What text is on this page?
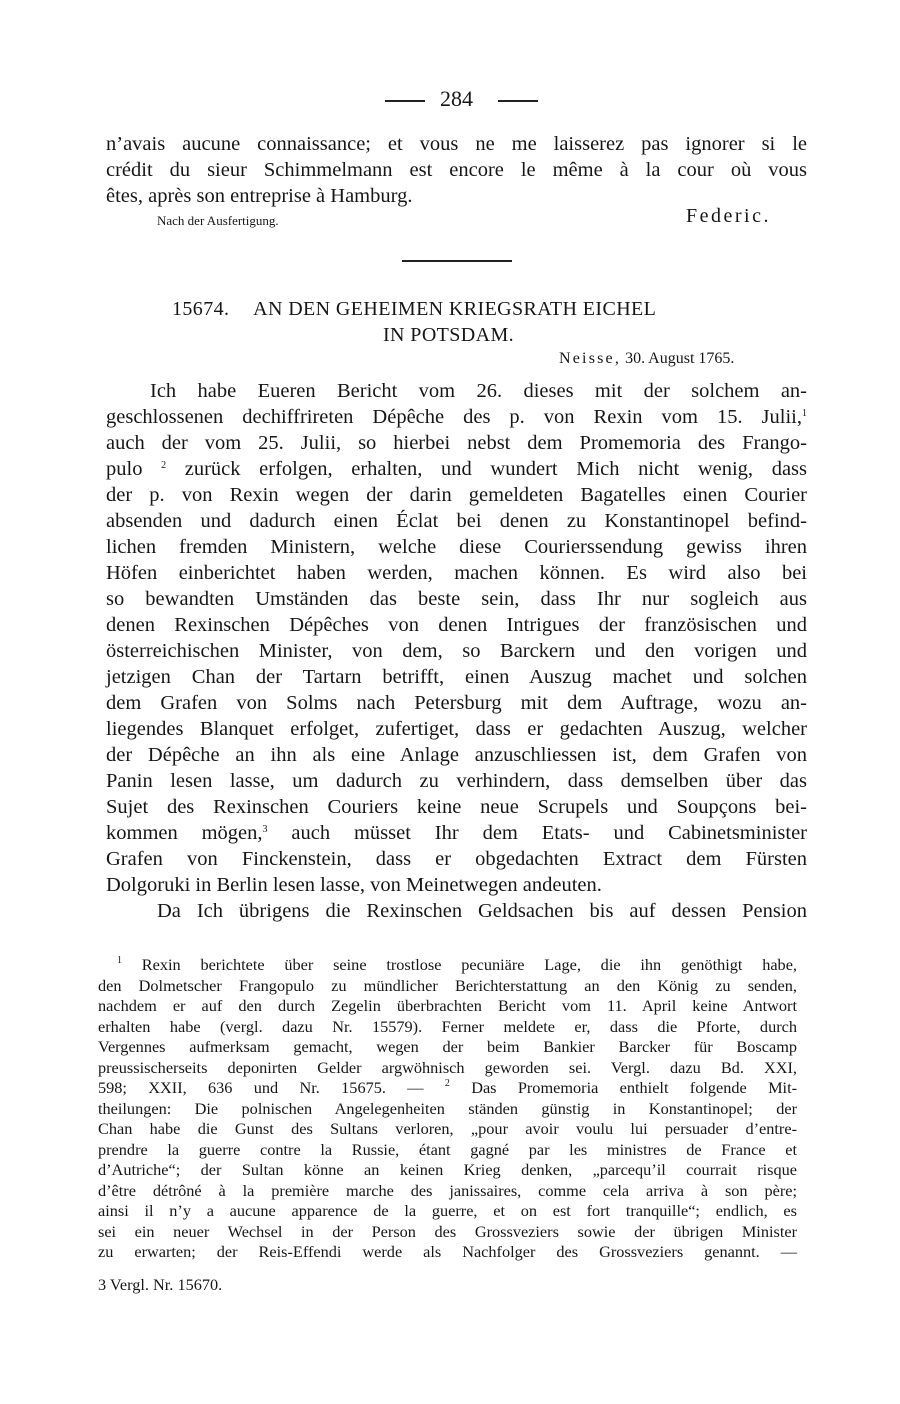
284
n’avais aucune connaissance; et vous ne me laisserez pas ignorer si le
crédit du sieur Schimmelmann est encore le même à la cour où vous
êtes, après son entreprise à Hamburg.
Nach der Ausfertigung.	Federic.
15674. AN DEN GEHEIMEN KRIEGSRATH EICHEL
IN POTSDAM.
Neisse, 30. August 1765.
Ich habe Eueren Bericht vom 26. dieses mit der solchem an-
geschlossenen dechiffrireten Dépêche des p. von Rexin vom 15. Julii,$^1$
auch der vom 25. Julii, so hierbei nebst dem Promemoria des Frango-
pulo $^2$ zurück erfolgen, erhalten, und wundert Mich nicht wenig, dass
der p. von Rexin wegen der darin gemeldeten Bagatelles einen Courier
absenden und dadurch einen Éclat bei denen zu Konstantinopel befind-
lichen fremden Ministern, welche diese Courierssendung gewiss ihren
Höfen einberichtet haben werden, machen können. Es wird also bei
so bewandten Umständen das beste sein, dass Ihr nur sogleich aus
denen Rexinschen Dépêches von denen Intrigues der französischen und
österreichischen Minister, von dem, so Barckern und den vorigen und
jetzigen Chan der Tartarn betrifft, einen Auszug machet und solchen
dem Grafen von Solms nach Petersburg mit dem Auftrage, wozu an-
liegendes Blanquet erfolget, zufertiget, dass er gedachten Auszug, welcher
der Dépêche an ihn als eine Anlage anzuschliessen ist, dem Grafen von
Panin lesen lasse, um dadurch zu verhindern, dass demselben über das
Sujet des Rexinschen Couriers keine neue Scrupels und Soupçons bei-
kommen mögen,$^3$ auch müsset Ihr dem Etats- und Cabinetsminister
Grafen von Finckenstein, dass er obgedachten Extract dem Fürsten
Dolgoruki in Berlin lesen lasse, von Meinetwegen andeuten.
Da Ich übrigens die Rexinschen Geldsachen bis auf dessen Pension
$^1$ Rexin berichtete über seine trostlose pecuniäre Lage, die ihn genöthigt habe,
den Dolmetscher Frangopulo zu mündlicher Berichterstattung an den König zu senden,
nachdem er auf den durch Zegelin überbrachten Bericht vom 11. April keine Antwort
erhalten habe (vergl. dazu Nr. 15579). Ferner meldete er, dass die Pforte, durch
Vergennes aufmerksam gemacht, wegen der beim Bankier Barcker für Boscamp
preussischerseits deponirten Gelder argwöhnisch geworden sei. Vergl. dazu Bd. XXI,
598; XXII, 636 und Nr. 15675. — $^2$ Das Promemoria enthielt folgende Mit-
theilungen: Die polnischen Angelegenheiten ständen günstig in Konstantinopel; der
Chan habe die Gunst des Sultans verloren, „pour avoir voulu lui persuader d’entre-
prendre la guerre contre la Russie, étant gagné par les ministres de France et
d’Autriche“; der Sultan könne an keinen Krieg denken, „parcequ’il courrait risque
d’être détrôné à la première marche des janissaires, comme cela arriva à son père;
ainsi il n’y a aucune apparence de la guerre, et on est fort tranquille“; endlich, es
sei ein neuer Wechsel in der Person des Grossveziers sowie der übrigen Minister
zu erwarten; der Reis-Effendi werde als Nachfolger des Grossveziers genannt. —
3 Vergl. Nr. 15670.
